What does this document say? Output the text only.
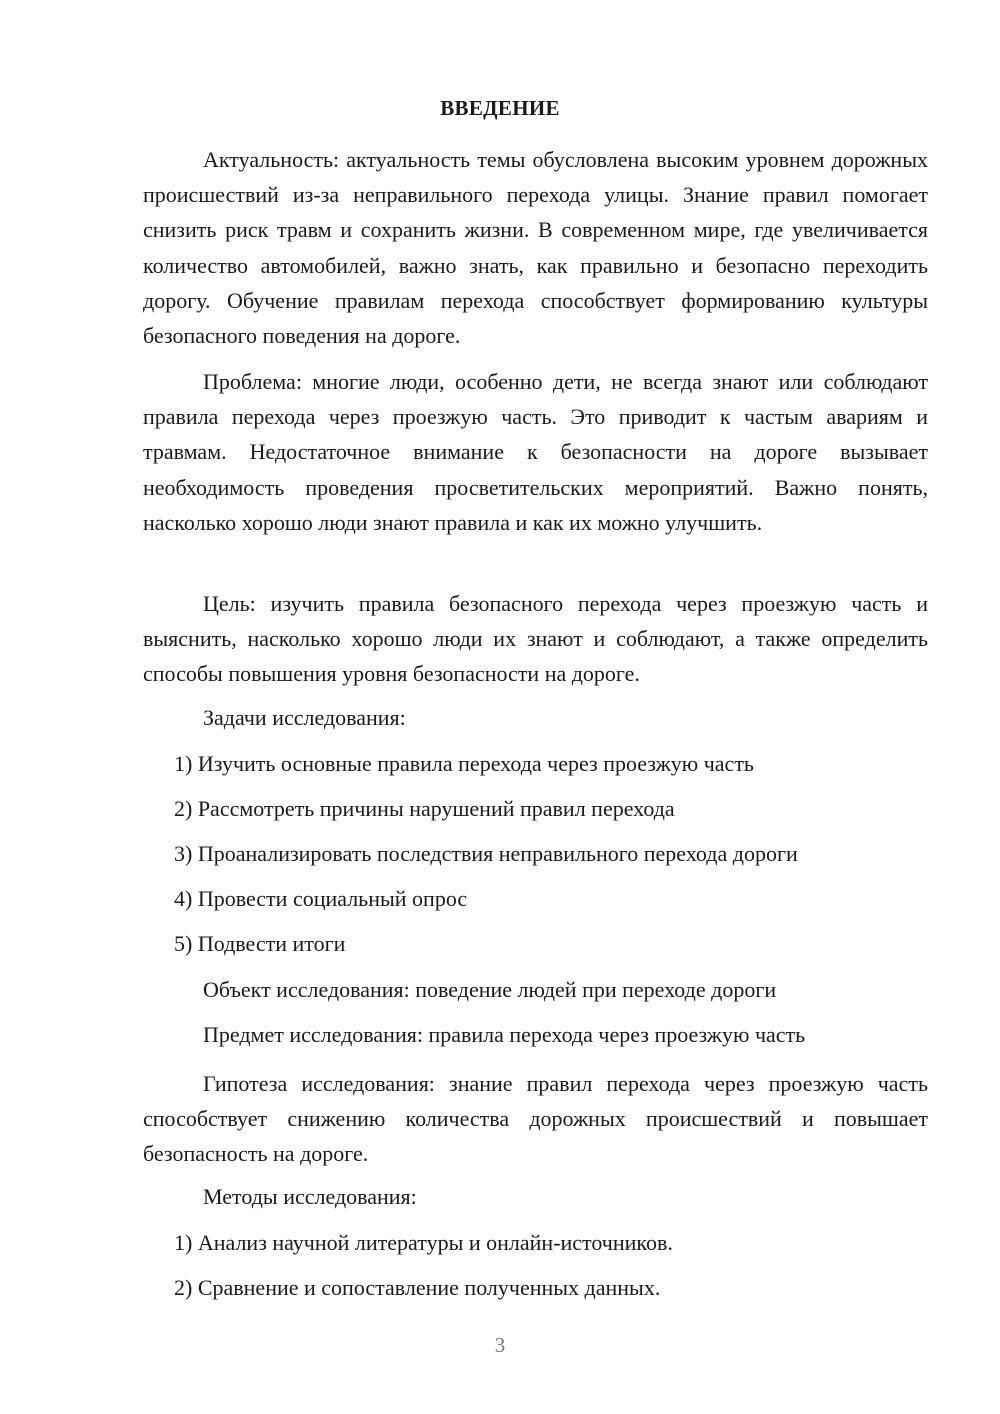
ВВЕДЕНИЕ

Актуальность: актуальность темы обусловлена высоким уровнем дорожных происшествий из-за неправильного перехода улицы. Знание правил помогает снизить риск травм и сохранить жизни. В современном мире, где увеличивается количество автомобилей, важно знать, как правильно и безопасно переходить дорогу. Обучение правилам перехода способствует формированию культуры безопасного поведения на дороге.

Проблема: многие люди, особенно дети, не всегда знают или соблюдают правила перехода через проезжую часть. Это приводит к частым авариям и травмам. Недостаточное внимание к безопасности на дороге вызывает необходимость проведения просветительских мероприятий. Важно понять, насколько хорошо люди знают правила и как их можно улучшить.

Цель: изучить правила безопасного перехода через проезжую часть и выяснить, насколько хорошо люди их знают и соблюдают, а также определить способы повышения уровня безопасности на дороге.

Задачи исследования:

1) Изучить основные правила перехода через проезжую часть

2) Рассмотреть причины нарушений правил перехода

3) Проанализировать последствия неправильного перехода дороги

4) Провести социальный опрос

5) Подвести итоги

Объект исследования: поведение людей при переходе дороги

Предмет исследования: правила перехода через проезжую часть

Гипотеза исследования: знание правил перехода через проезжую часть способствует снижению количества дорожных происшествий и повышает безопасность на дороге.

Методы исследования:

1) Анализ научной литературы и онлайн-источников.

2) Сравнение и сопоставление полученных данных.

3
